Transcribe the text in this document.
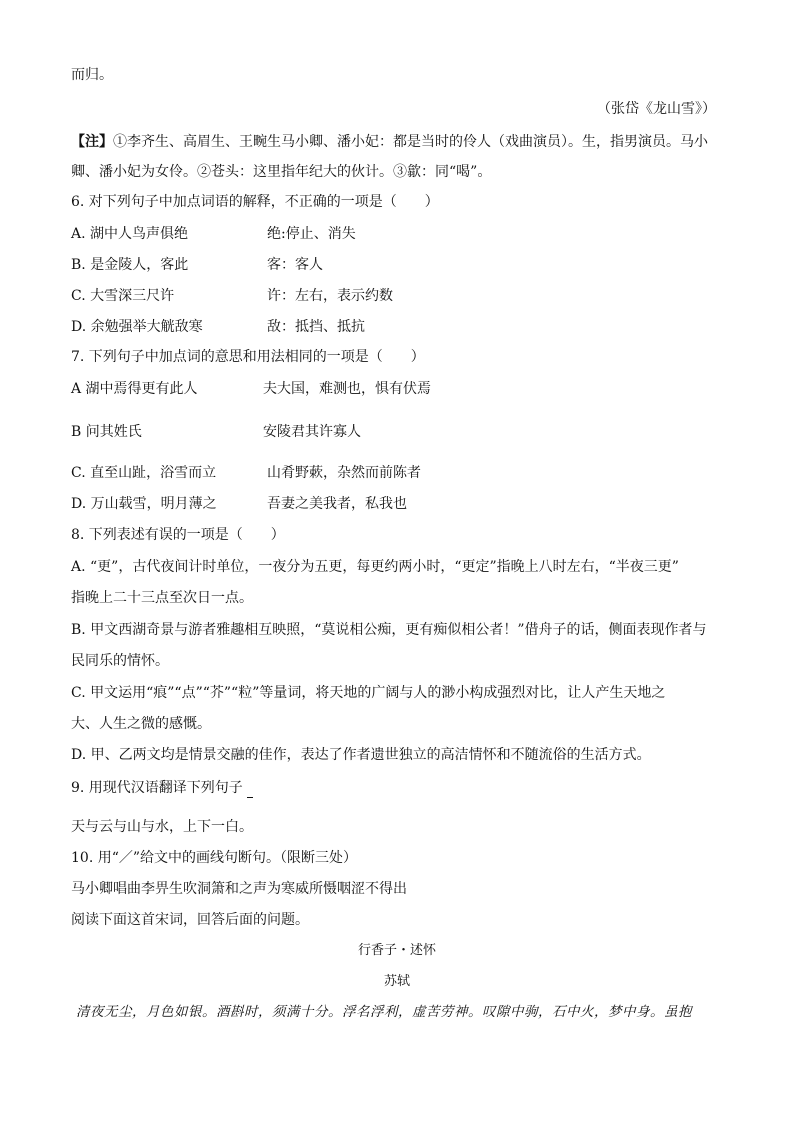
而归。
（张岱《龙山雪》）
【注】①李齐生、高眉生、王畹生马小卿、潘小妃：都是当时的伶人（戏曲演员）。生，指男演员。马小
卿、潘小妃为女伶。②苍头：这里指年纪大的伙计。③歙：同“喝”。
6. 对下列句子中加点词语的解释，不正确的一项是（　　）
A. 湖中人鸟声俱绝	绝:停止、消失
B. 是金陵人，客此	客：客人
C. 大雪深三尺许	许：左右，表示约数
D. 余勉强举大觥敌寒	敌：抵挡、抵抗
7. 下列句子中加点词的意思和用法相同的一项是（　　）
A 湖中焉得更有此人	夫大国，难测也，惧有伏焉
B 问其姓氏	安陵君其许寡人
C. 直至山趾，浴雪而立	山肴野蔌，杂然而前陈者
D. 万山载雪，明月薄之	吾妻之美我者，私我也
8. 下列表述有误的一项是（　　）
A. “更”，古代夜间计时单位，一夜分为五更，每更约两小时，“更定”指晚上八时左右，“半夜三更”
指晚上二十三点至次日一点。
B. 甲文西湖奇景与游者雅趣相互映照，“莫说相公痴，更有痴似相公者！”借舟子的话，侧面表现作者与
民同乐的情怀。
C. 甲文运用“痕”“点”“芥”“粒”等量词，将天地的广阔与人的渺小构成强烈对比，让人产生天地之
大、人生之微的感慨。
D. 甲、乙两文均是情景交融的佳作，表达了作者遗世独立的高洁情怀和不随流俗的生活方式。
9. 用现代汉语翻译下列句子
天与云与山与水，上下一白。
10. 用“／”给文中的画线句断句。（限断三处）
马小卿唱曲李畀生吹洞箫和之声为寒威所慑咽涩不得出
阅读下面这首宋词，回答后面的问题。
行香子・述怀
苏轼
清夜无尘，月色如银。酒斟时，须满十分。浮名浮利，虚苦劳神。叹隙中驹，石中火，梦中身。虽抱
